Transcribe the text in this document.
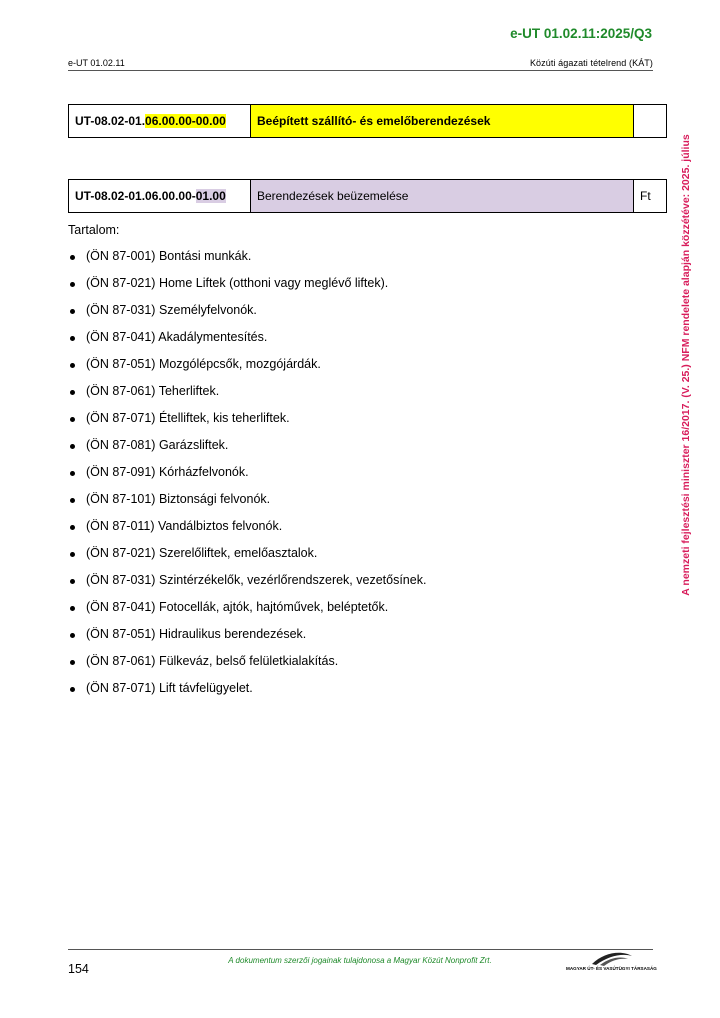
e-UT 01.02.11:2025/Q3
e-UT 01.02.11	Közúti ágazati tételrend (KÁT)
A nemzeti fejlesztési miniszter 16/2017. (V. 25.) NFM rendelete alapján közzétéve: 2025. július
UT-08.02-01.06.00.00-00.00	Beépített szállító- és emelőberendezések	
UT-08.02-01.06.00.00-01.00	Berendezések beüzemelése	Ft
Tartalom:
(ÖN 87-001) Bontási munkák.
(ÖN 87-021) Home Liftek (otthoni vagy meglévő liftek).
(ÖN 87-031) Személyfelvonók.
(ÖN 87-041) Akadálymentesítés.
(ÖN 87-051) Mozgólépcsők, mozgójárdák.
(ÖN 87-061) Teherliftek.
(ÖN 87-071) Ételliftek, kis teherliftek.
(ÖN 87-081) Garázsliftek.
(ÖN 87-091) Kórházfelvonók.
(ÖN 87-101) Biztonsági felvonók.
(ÖN 87-011) Vandálbiztos felvonók.
(ÖN 87-021) Szerelőliftek, emelőasztalok.
(ÖN 87-031) Szintérzékelők, vezérlőrendszerek, vezetősínek.
(ÖN 87-041) Fotocellák, ajtók, hajtóművek, beléptetők.
(ÖN 87-051) Hidraulikus berendezések.
(ÖN 87-061) Fülkeváz, belső felületkialakítás.
(ÖN 87-071) Lift távfelügyelet.
154
A dokumentum szerzői jogainak tulajdonosa a Magyar Közút Nonprofit Zrt.
MAGYAR ÚT- ÉS VASÚTÜGYI TÁRSASÁG
